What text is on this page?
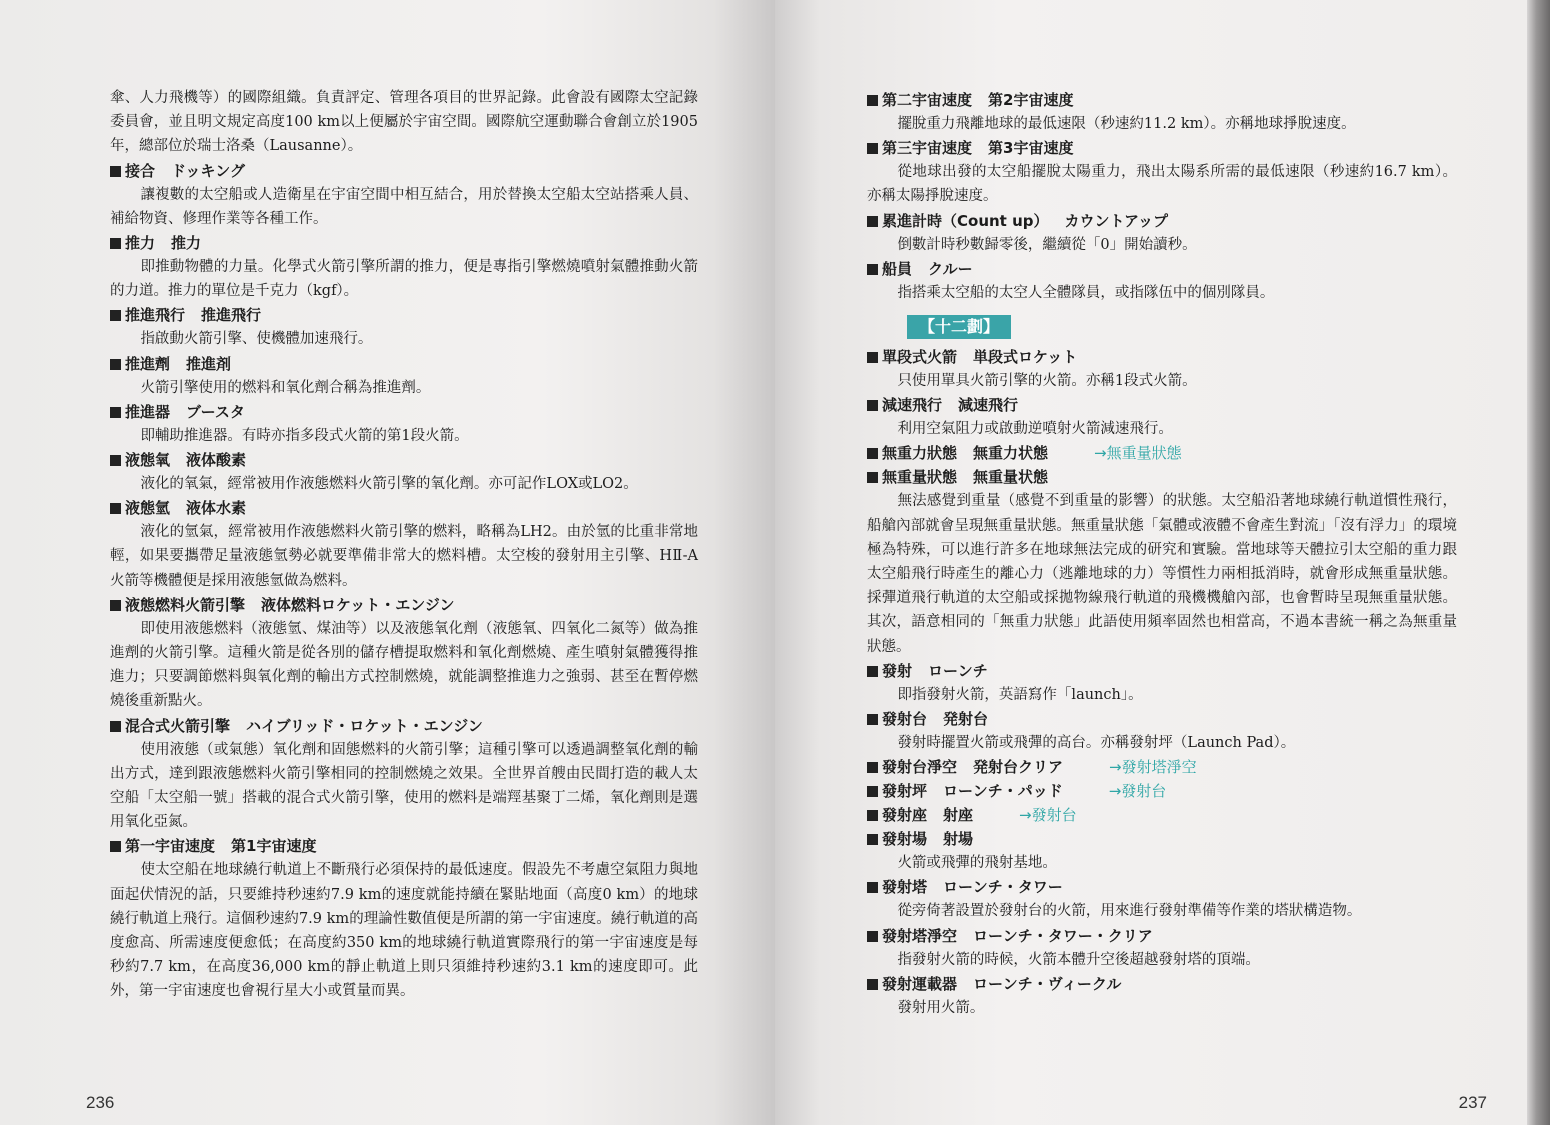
傘、人力飛機等）的國際組織。負責評定、管理各項目的世界記錄。此會設有國際太空記錄委員會，並且明文規定高度100 km以上便屬於宇宙空間。國際航空運動聯合會創立於1905年，總部位於瑞士洛桑（Lausanne）。

接合 ドッキング

讓複數的太空船或人造衛星在宇宙空間中相互結合，用於替換太空船太空站搭乘人員、補給物資、修理作業等各種工作。

推力 推力

即推動物體的力量。化學式火箭引擎所謂的推力，便是專指引擎燃燒噴射氣體推動火箭的力道。推力的單位是千克力（kgf）。

推進飛行 推進飛行

指啟動火箭引擎、使機體加速飛行。

推進劑 推進剤

火箭引擎使用的燃料和氧化劑合稱為推進劑。

推進器 ブースタ

即輔助推進器。有時亦指多段式火箭的第1段火箭。

液態氧 液体酸素

液化的氧氣，經常被用作液態燃料火箭引擎的氧化劑。亦可記作LOX或LO2。

液態氫 液体水素

液化的氫氣，經常被用作液態燃料火箭引擎的燃料，略稱為LH2。由於氫的比重非常地輕，如果要攜帶足量液態氫勢必就要準備非常大的燃料槽。太空梭的發射用主引擎、HⅡ-A火箭等機體便是採用液態氫做為燃料。

液態燃料火箭引擎 液体燃料ロケット・エンジン

即使用液態燃料（液態氫、煤油等）以及液態氧化劑（液態氧、四氧化二氮等）做為推進劑的火箭引擎。這種火箭是從各別的儲存槽提取燃料和氧化劑燃燒、產生噴射氣體獲得推進力；只要調節燃料與氧化劑的輸出方式控制燃燒，就能調整推進力之強弱、甚至在暫停燃燒後重新點火。

混合式火箭引擎 ハイブリッド・ロケット・エンジン

使用液態（或氣態）氧化劑和固態燃料的火箭引擎；這種引擎可以透過調整氧化劑的輸出方式，達到跟液態燃料火箭引擎相同的控制燃燒之效果。全世界首艘由民間打造的載人太空船「太空船一號」搭載的混合式火箭引擎，使用的燃料是端羥基聚丁二烯，氧化劑則是選用氧化亞氮。

第一宇宙速度 第1宇宙速度

使太空船在地球繞行軌道上不斷飛行必須保持的最低速度。假設先不考慮空氣阻力與地面起伏情況的話，只要維持秒速約7.9 km的速度就能持續在緊貼地面（高度0 km）的地球繞行軌道上飛行。這個秒速約7.9 km的理論性數值便是所謂的第一宇宙速度。繞行軌道的高度愈高、所需速度便愈低；在高度約350 km的地球繞行軌道實際飛行的第一宇宙速度是每秒約7.7 km，在高度36,000 km的靜止軌道上則只須維持秒速約3.1 km的速度即可。此外，第一宇宙速度也會視行星大小或質量而異。

236
第二宇宙速度 第2宇宙速度

擺脫重力飛離地球的最低速限（秒速約11.2 km）。亦稱地球掙脫速度。

第三宇宙速度 第3宇宙速度

從地球出發的太空船擺脫太陽重力，飛出太陽系所需的最低速限（秒速約16.7 km）。亦稱太陽掙脫速度。

累進計時（Count up） カウントアップ

倒數計時秒數歸零後，繼續從「0」開始讀秒。

船員 クルー

指搭乘太空船的太空人全體隊員，或指隊伍中的個別隊員。

【十二劃】
單段式火箭 単段式ロケット

只使用單具火箭引擎的火箭。亦稱1段式火箭。

減速飛行 減速飛行

利用空氣阻力或啟動逆噴射火箭減速飛行。

無重力狀態 無重力状態	→無重量狀態
無重量狀態 無重量状態

無法感覺到重量（感覺不到重量的影響）的狀態。太空船沿著地球繞行軌道慣性飛行，船艙內部就會呈現無重量狀態。無重量狀態「氣體或液體不會產生對流」「沒有浮力」的環境極為特殊，可以進行許多在地球無法完成的研究和實驗。當地球等天體拉引太空船的重力跟太空船飛行時產生的離心力（逃離地球的力）等慣性力兩相抵消時，就會形成無重量狀態。採彈道飛行軌道的太空船或採拋物線飛行軌道的飛機機艙內部，也會暫時呈現無重量狀態。其次，語意相同的「無重力狀態」此語使用頻率固然也相當高，不過本書統一稱之為無重量狀態。

發射 ローンチ

即指發射火箭，英語寫作「launch」。

發射台 発射台

發射時擺置火箭或飛彈的高台。亦稱發射坪（Launch Pad）。

發射台淨空 発射台クリア	→發射塔淨空
發射坪 ローンチ・パッド	→發射台
發射座 射座	→發射台
發射場 射場

火箭或飛彈的飛射基地。

發射塔 ローンチ・タワー

從旁倚著設置於發射台的火箭，用來進行發射準備等作業的塔狀構造物。

發射塔淨空 ローンチ・タワー・クリア

指發射火箭的時候，火箭本體升空後超越發射塔的頂端。

發射運載器 ローンチ・ヴィークル

發射用火箭。

237
